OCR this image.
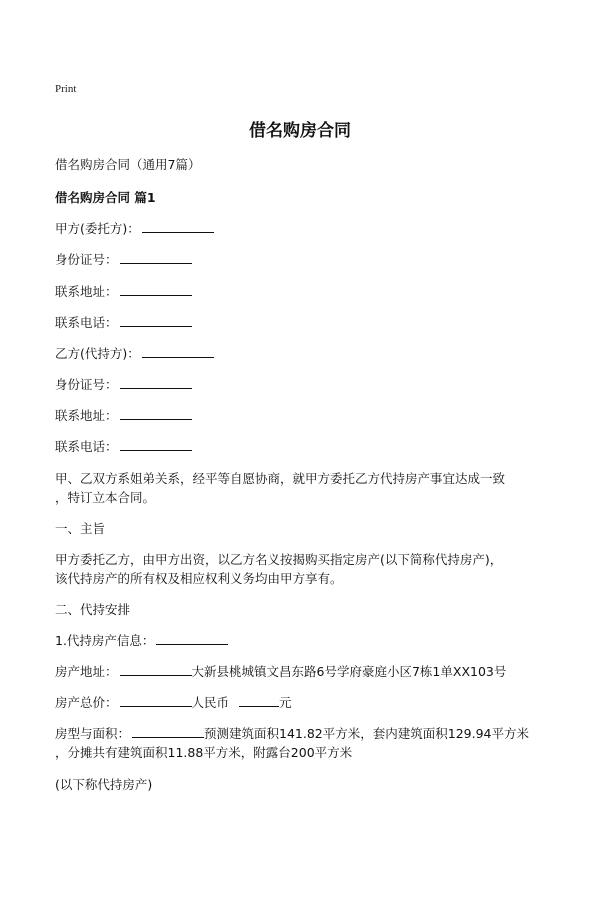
Print
借名购房合同
借名购房合同（通用7篇）
借名购房合同 篇1
甲方(委托方)：
身份证号：
联系地址：
联系电话：
乙方(代持方)：
身份证号：
联系地址：
联系电话：
甲、乙双方系姐弟关系，经平等自愿协商，就甲方委托乙方代持房产事宜达成一致
，特订立本合同。
一、主旨
甲方委托乙方，由甲方出资，以乙方名义按揭购买指定房产(以下简称代持房产)，
该代持房产的所有权及相应权利义务均由甲方享有。
二、代持安排
1.代持房产信息：
房产地址：	大新县桃城镇文昌东路6号学府豪庭小区7栋1单XX103号
房产总价：	人民币	元
房型与面积：	预测建筑面积141.82平方米，套内建筑面积129.94平方米
，分摊共有建筑面积11.88平方米，附露台200平方米
(以下称代持房产)
